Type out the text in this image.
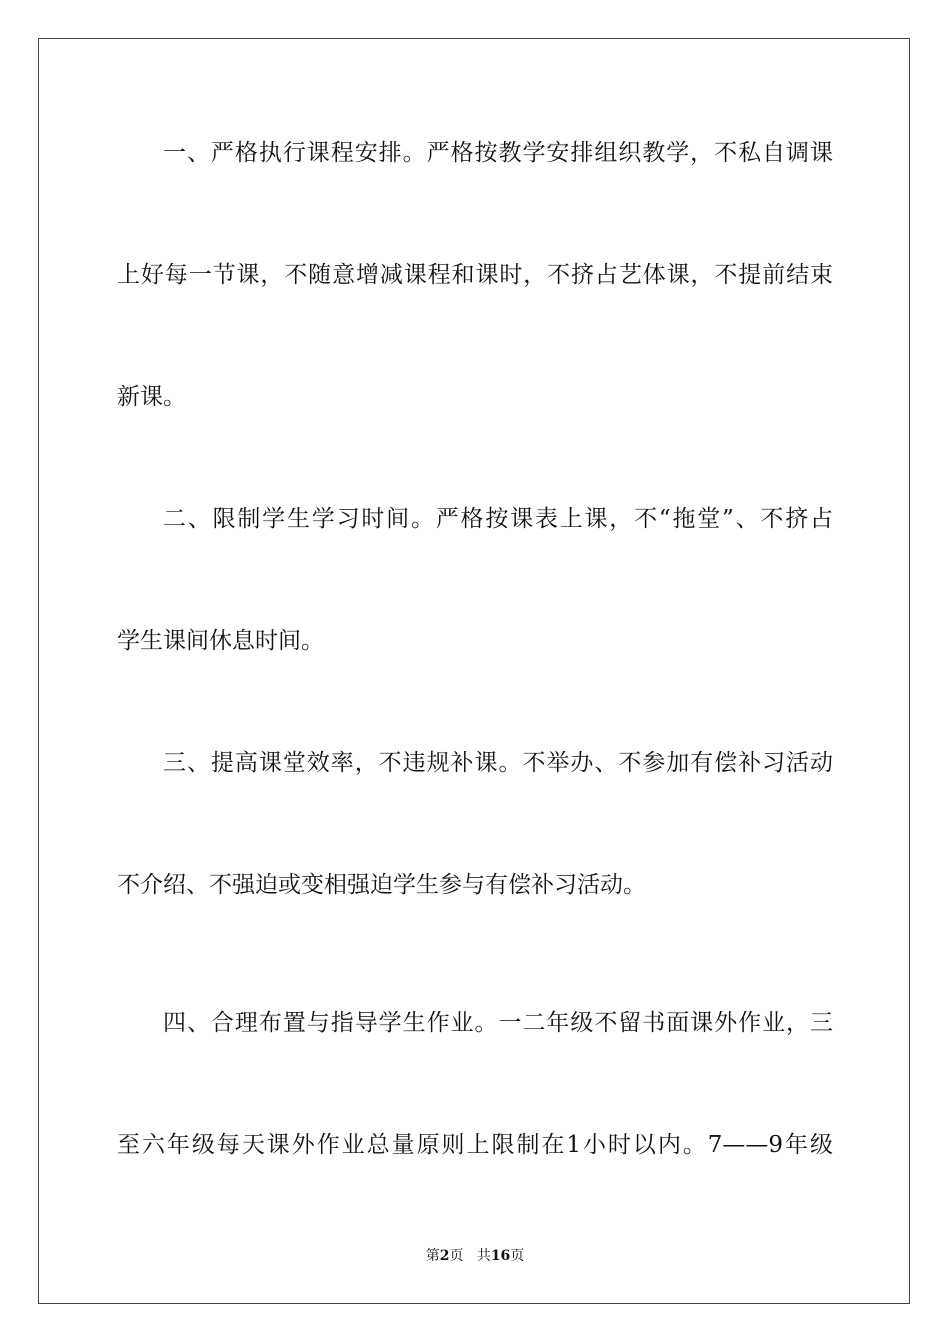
一、严格执行课程安排。严格按教学安排组织教学，不私自调课
上好每一节课，不随意增减课程和课时，不挤占艺体课，不提前结束
新课。
二、限制学生学习时间。严格按课表上课，不“拖堂”、不挤占
学生课间休息时间。
三、提高课堂效率，不违规补课。不举办、不参加有偿补习活动
不介绍、不强迫或变相强迫学生参与有偿补习活动。
四、合理布置与指导学生作业。一二年级不留书面课外作业，三
至六年级每天课外作业总量原则上限制在1小时以内。7——9年级
第2页 共16页
